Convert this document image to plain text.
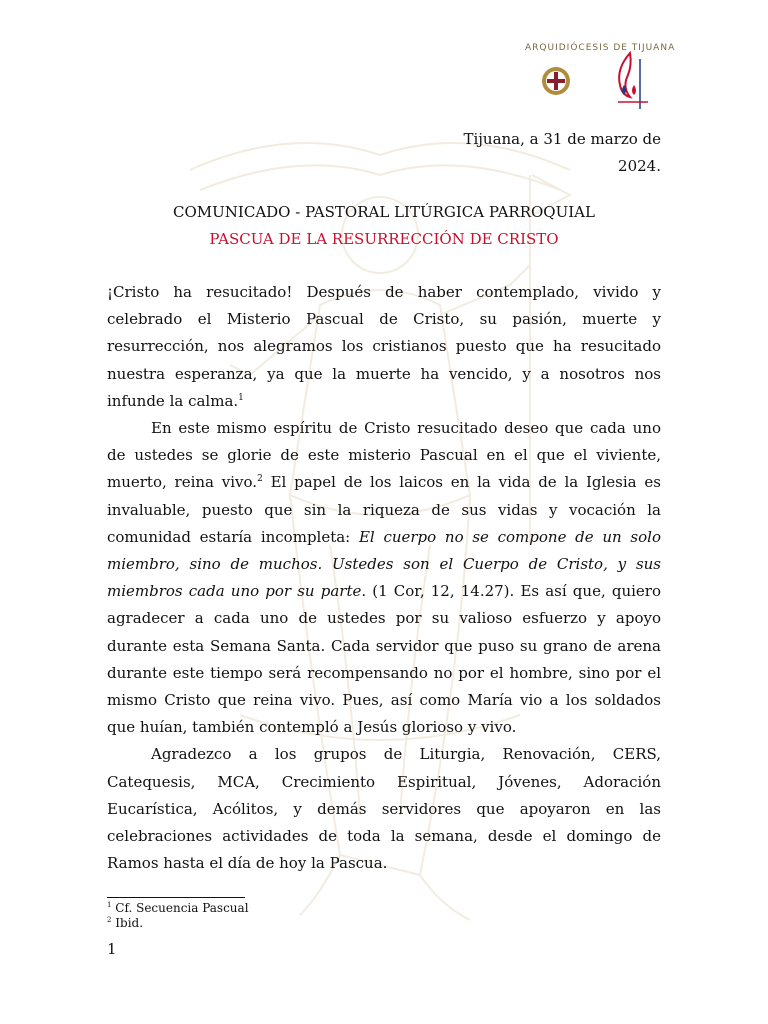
ARQUIDIÓCESIS DE TIJUANA
Tijuana, a 31 de marzo de
2024.
COMUNICADO - PASTORAL LITÚRGICA PARROQUIAL
PASCUA DE LA RESURRECCIÓN DE CRISTO

¡Cristo ha resucitado! Después de haber contemplado, vivido y celebrado el Misterio Pascual de Cristo, su pasión, muerte y resurrección, nos alegramos los cristianos puesto que ha resucitado nuestra esperanza, ya que la muerte ha vencido, y a nosotros nos infunde la calma.$^1$

En este mismo espíritu de Cristo resucitado deseo que cada uno de ustedes se glorie de este misterio Pascual en el que el viviente, muerto, reina vivo.$^2$ El papel de los laicos en la vida de la Iglesia es invaluable, puesto que sin la riqueza de sus vidas y vocación la comunidad estaría incompleta: El cuerpo no se compone de un solo miembro, sino de muchos. Ustedes son el Cuerpo de Cristo, y sus miembros cada uno por su parte. (1 Cor, 12, 14.27). Es así que, quiero agradecer a cada uno de ustedes por su valioso esfuerzo y apoyo durante esta Semana Santa. Cada servidor que puso su grano de arena durante este tiempo será recompensando no por el hombre, sino por el mismo Cristo que reina vivo. Pues, así como María vio a los soldados que huían, también contempló a Jesús glorioso y vivo.

Agradezco a los grupos de Liturgia, Renovación, CERS, Catequesis, MCA, Crecimiento Espiritual, Jóvenes, Adoración Eucarística, Acólitos, y demás servidores que apoyaron en las celebraciones actividades de toda la semana, desde el domingo de Ramos hasta el día de hoy la Pascua.

$^1$ Cf. Secuencia Pascual
$^2$ Ibid.
1
